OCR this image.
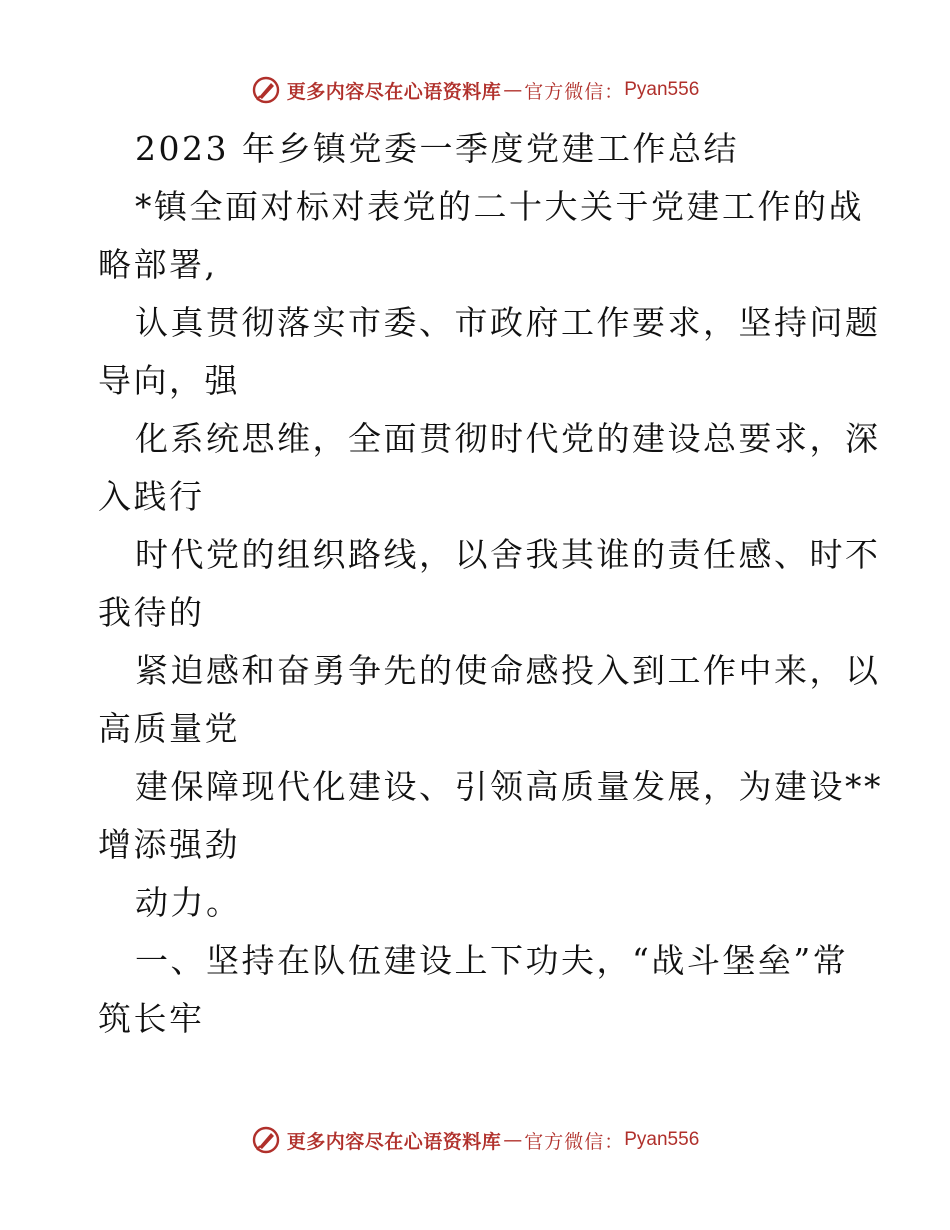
更多内容尽在心语资料库 — 官方微信： Pyan556
2023 年乡镇党委一季度党建工作总结
*镇全面对标对表党的二十大关于党建工作的战
略部署,
认真贯彻落实市委、市政府工作要求，坚持问题
导向，强
化系统思维，全面贯彻时代党的建设总要求，深
入践行
时代党的组织路线，以舍我其谁的责任感、时不
我待的
紧迫感和奋勇争先的使命感投入到工作中来，以
高质量党
建保障现代化建设、引领高质量发展，为建设**
增添强劲
动力。
一、坚持在队伍建设上下功夫，“战斗堡垒”常
筑长牢
更多内容尽在心语资料库 — 官方微信： Pyan556
